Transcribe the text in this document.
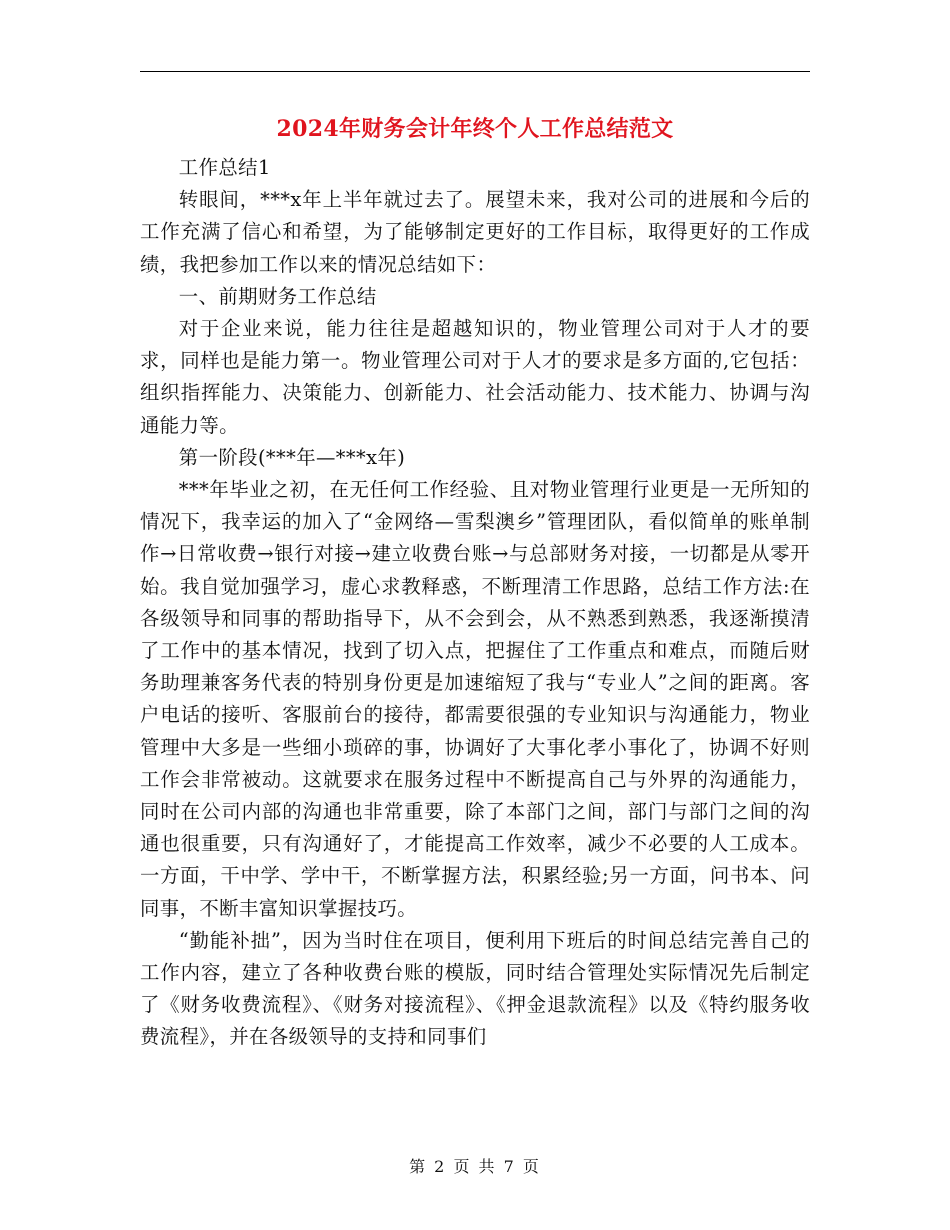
2024年财务会计年终个人工作总结范文

工作总结1

转眼间，***x年上半年就过去了。展望未来，我对公司的进展和今后的工作充满了信心和希望，为了能够制定更好的工作目标，取得更好的工作成绩，我把参加工作以来的情况总结如下：

一、前期财务工作总结

对于企业来说，能力往往是超越知识的，物业管理公司对于人才的要求，同样也是能力第一。物业管理公司对于人才的要求是多方面的,它包括：组织指挥能力、决策能力、创新能力、社会活动能力、技术能力、协调与沟通能力等。

第一阶段(***年—***x年)

***年毕业之初，在无任何工作经验、且对物业管理行业更是一无所知的情况下，我幸运的加入了“金网络—雪梨澳乡”管理团队，看似简单的账单制作→日常收费→银行对接→建立收费台账→与总部财务对接，一切都是从零开始。我自觉加强学习，虚心求教释惑，不断理清工作思路，总结工作方法:在各级领导和同事的帮助指导下，从不会到会，从不熟悉到熟悉，我逐渐摸清了工作中的基本情况，找到了切入点，把握住了工作重点和难点，而随后财务助理兼客务代表的特别身份更是加速缩短了我与“专业人”之间的距离。客户电话的接听、客服前台的接待，都需要很强的专业知识与沟通能力，物业管理中大多是一些细小琐碎的事，协调好了大事化孝小事化了，协调不好则工作会非常被动。这就要求在服务过程中不断提高自己与外界的沟通能力，同时在公司内部的沟通也非常重要，除了本部门之间，部门与部门之间的沟通也很重要，只有沟通好了，才能提高工作效率，减少不必要的人工成本。一方面，干中学、学中干，不断掌握方法，积累经验;另一方面，问书本、问同事，不断丰富知识掌握技巧。

“勤能补拙”，因为当时住在项目，便利用下班后的时间总结完善自己的工作内容，建立了各种收费台账的模版，同时结合管理处实际情况先后制定了《财务收费流程》、《财务对接流程》、《押金退款流程》以及《特约服务收费流程》，并在各级领导的支持和同事们

第 2 页 共 7 页
